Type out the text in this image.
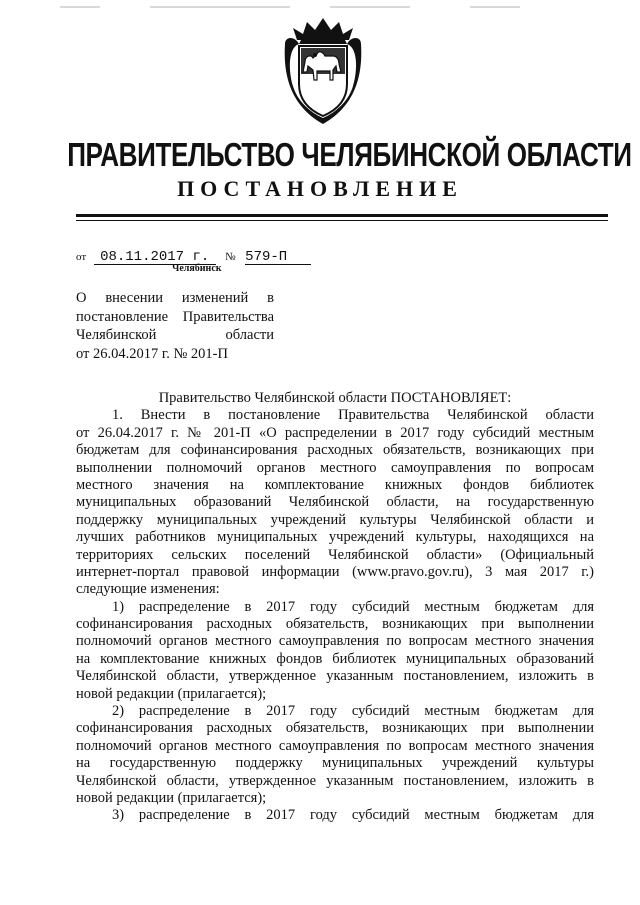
ПРАВИТЕЛЬСТВО ЧЕЛЯБИНСКОЙ ОБЛАСТИ
ПОСТАНОВЛЕНИЕ
от 08.11.2017 г. № 579-П
Челябинск
О внесении изменений в
постановление Правительства
Челябинской области
от 26.04.2017 г. № 201-П
Правительство Челябинской области ПОСТАНОВЛЯЕТ:
1. Внести в постановление Правительства Челябинской области
от 26.04.2017 г. № 201-П «О распределении в 2017 году субсидий местным
бюджетам для софинансирования расходных обязательств, возникающих при
выполнении полномочий органов местного самоуправления по вопросам
местного значения на комплектование книжных фондов библиотек
муниципальных образований Челябинской области, на государственную
поддержку муниципальных учреждений культуры Челябинской области и
лучших работников муниципальных учреждений культуры, находящихся на
территориях сельских поселений Челябинской области» (Официальный
интернет-портал правовой информации (www.pravo.gov.ru), 3 мая 2017 г.)
следующие изменения:
1) распределение в 2017 году субсидий местным бюджетам для
софинансирования расходных обязательств, возникающих при выполнении
полномочий органов местного самоуправления по вопросам местного значения
на комплектование книжных фондов библиотек муниципальных образований
Челябинской области, утвержденное указанным постановлением, изложить в
новой редакции (прилагается);
2) распределение в 2017 году субсидий местным бюджетам для
софинансирования расходных обязательств, возникающих при выполнении
полномочий органов местного самоуправления по вопросам местного значения
на государственную поддержку муниципальных учреждений культуры
Челябинской области, утвержденное указанным постановлением, изложить в
новой редакции (прилагается);
3) распределение в 2017 году субсидий местным бюджетам для
